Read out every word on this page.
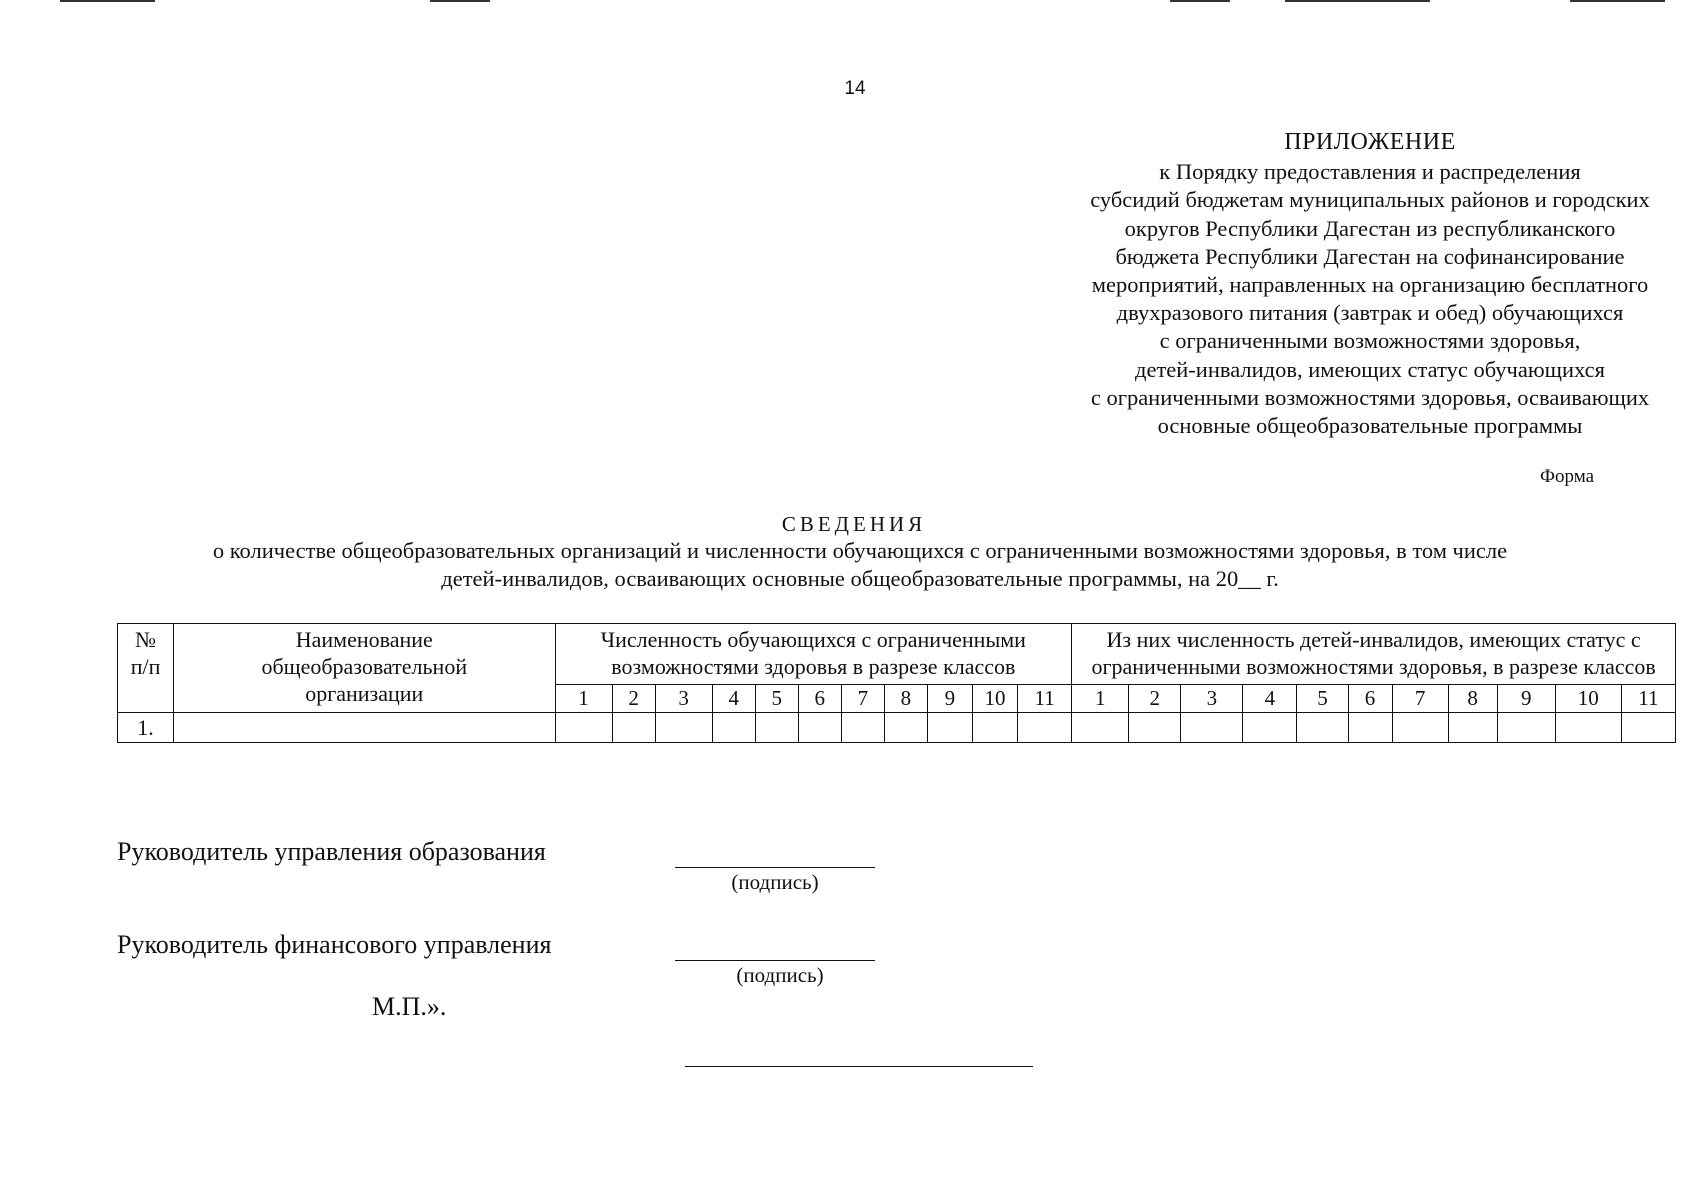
14
ПРИЛОЖЕНИЕ
к Порядку предоставления и распределения
субсидий бюджетам муниципальных районов и городских
округов Республики Дагестан из республиканского
бюджета Республики Дагестан на софинансирование
мероприятий, направленных на организацию бесплатного
двухразового питания (завтрак и обед) обучающихся
с ограниченными возможностями здоровья,
детей-инвалидов, имеющих статус обучающихся
с ограниченными возможностями здоровья, осваивающих
основные общеобразовательные программы
Форма
СВЕДЕНИЯ
о количестве общеобразовательных организаций и численности обучающихся с ограниченными возможностями здоровья, в том числе
детей-инвалидов, осваивающих основные общеобразовательные программы, на 20__ г.
№ п/п	Наименование общеобразовательной организации	Численность обучающихся с ограниченными возможностями здоровья в разрезе классов											Из них численность детей-инвалидов, имеющих статус с ограниченными возможностями здоровья, в разрезе классов										
		1	2	3	4	5	6	7	8	9	10	11	1	2	3	4	5	6	7	8	9	10	11
1.																							
Руководитель управления образования
(подпись)
Руководитель финансового управления
(подпись)
М.П.».
